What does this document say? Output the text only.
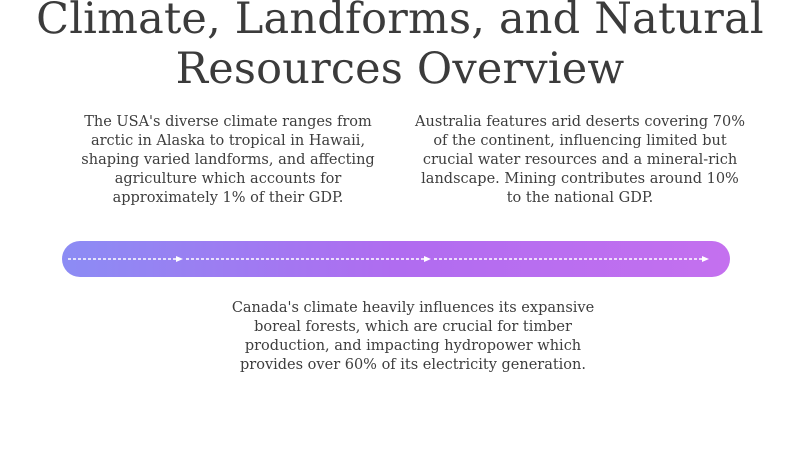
Climate, Landforms, and Natural Resources Overview

The USA's diverse climate ranges from arctic in Alaska to tropical in Hawaii, shaping varied landforms, and affecting agriculture which accounts for approximately 1% of their GDP.

Australia features arid deserts covering 70% of the continent, influencing limited but crucial water resources and a mineral-rich landscape. Mining contributes around 10% to the national GDP.

Canada's climate heavily influences its expansive boreal forests, which are crucial for timber production, and impacting hydropower which provides over 60% of its electricity generation.
